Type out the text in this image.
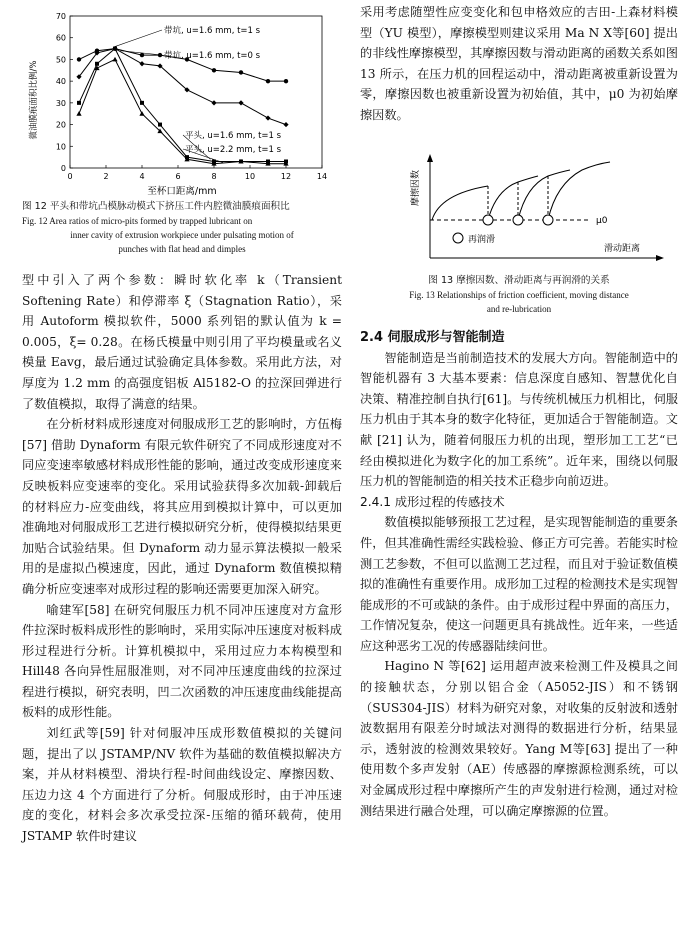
0	2	4	6	8	10	12	14
0
10
20
30
40
50
60
70
至杯口距离/mm
微油膜痕面积比例/%
带坑, u=1.6 mm, t=1 s
带坑, u=1.6 mm, t=0 s
平头, u=1.6 mm, t=1 s
平头, u=2.2 mm, t=1 s

图 12 平头和带坑凸模脉动模式下挤压工件内腔微油膜痕面积比

Fig. 12 Area ratios of micro-pits formed by trapped lubricant on

inner cavity of extrusion workpiece under pulsating motion of

punches with flat head and dimples

型中引入了两个参数：瞬时软化率 k（Transient Softening Rate）和停滞率 ξ（Stagnation Ratio），采用 Autoform 模拟软件，5000 系列铝的默认值为 k = 0.005，ξ= 0.28。在杨氏模量中则引用了平均模量或名义模量 Eavg，最后通过试验确定具体参数。采用此方法，对厚度为 1.2 mm 的高强度铝板 Al5182-O 的拉深回弹进行了数值模拟，取得了满意的结果。

在分析材料成形速度对伺服成形工艺的影响时，方伍梅[57] 借助 Dynaform 有限元软件研究了不同成形速度对不同应变速率敏感材料成形性能的影响，通过改变成形速度来反映板料应变速率的变化。采用试验获得多次加载-卸载后的材料应力-应变曲线，将其应用到模拟计算中，可以更加准确地对伺服成形工艺进行模拟研究分析，使得模拟结果更加贴合试验结果。但 Dynaform 动力显示算法模拟一般采用的是虚拟凸模速度，因此，通过 Dynaform 数值模拟精确分析应变速率对成形过程的影响还需要更加深入研究。

喻建军[58] 在研究伺服压力机不同冲压速度对方盒形件拉深时板料成形性的影响时，采用实际冲压速度对板料成形过程进行分析。计算机模拟中，采用过应力本构模型和 Hill48 各向异性屈服准则，对不同冲压速度曲线的拉深过程进行模拟，研究表明，凹二次函数的冲压速度曲线能提高板料的成形性能。

刘红武等[59] 针对伺服冲压成形数值模拟的关键问题，提出了以 JSTAMP/NV 软件为基础的数值模拟解决方案，并从材料模型、滑块行程-时间曲线设定、摩擦因数、压边力这 4 个方面进行了分析。伺服成形时，由于冲压速度的变化，材料会多次承受拉深-压缩的循环载荷，使用 JSTAMP 软件时建议

采用考虑随塑性应变变化和包申格效应的吉田-上森材料模型（YU 模型），摩擦模型则建议采用 Ma N X等[60] 提出的非线性摩擦模型，其摩擦因数与滑动距离的函数关系如图 13 所示，在压力机的回程运动中，滑动距离被重新设置为零，摩擦因数也被重新设置为初始值，其中，μ0 为初始摩擦因数。

μ0
再润滑
摩擦因数
滑动距离

图 13 摩擦因数、滑动距离与再润滑的关系

Fig. 13 Relationships of friction coefficient, moving distance

and re-lubrication

2.4 伺服成形与智能制造

智能制造是当前制造技术的发展大方向。智能制造中的智能机器有 3 大基本要素：信息深度自感知、智慧优化自决策、精准控制自执行[61]。与传统机械压力机相比，伺服压力机由于其本身的数字化特征，更加适合于智能制造。文献 [21] 认为，随着伺服压力机的出现，塑形加工工艺“已经由模拟进化为数字化的加工系统”。近年来，围绕以伺服压力机的智能制造的相关技术正稳步向前迈进。

2.4.1 成形过程的传感技术

数值模拟能够预报工艺过程，是实现智能制造的重要条件，但其准确性需经实践检验、修正方可完善。若能实时检测工艺参数，不但可以监测工艺过程，而且对于验证数值模拟的准确性有重要作用。成形加工过程的检测技术是实现智能成形的不可或缺的条件。由于成形过程中界面的高压力，工作情况复杂，使这一问题更具有挑战性。近年来，一些适应这种恶劣工况的传感器陆续问世。

Hagino N 等[62] 运用超声波来检测工件及模具之间的接触状态，分别以铝合金（A5052-JIS）和不锈钢（SUS304-JIS）材料为研究对象，对收集的反射波和透射波数据用有限差分时域法对测得的数据进行分析，结果显示，透射波的检测效果较好。Yang M等[63] 提出了一种使用数个多声发射（AE）传感器的摩擦源检测系统，可以对金属成形过程中摩擦所产生的声发射进行检测，通过对检测结果进行融合处理，可以确定摩擦源的位置。
